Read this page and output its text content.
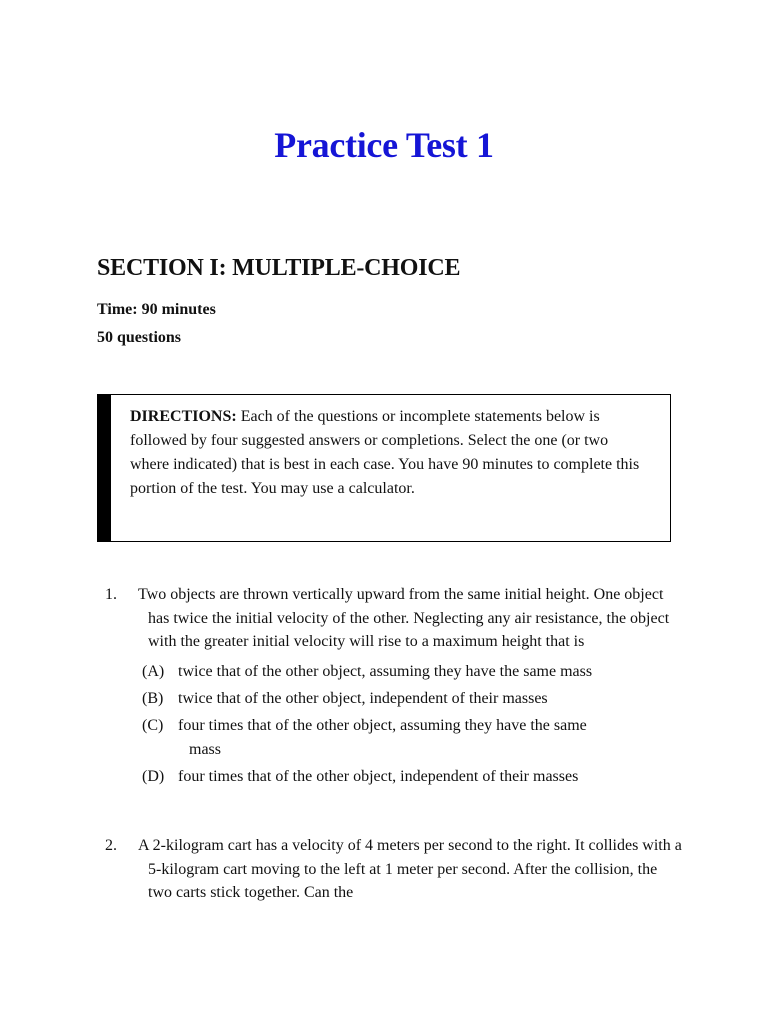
Practice Test 1
SECTION I: MULTIPLE-CHOICE
Time: 90 minutes
50 questions
DIRECTIONS: Each of the questions or incomplete statements below is followed by four suggested answers or completions. Select the one (or two where indicated) that is best in each case. You have 90 minutes to complete this portion of the test. You may use a calculator.

1. Two objects are thrown vertically upward from the same initial height. One object has twice the initial velocity of the other. Neglecting any air resistance, the object with the greater initial velocity will rise to a maximum height that is

(A) twice that of the other object, assuming they have the same mass
(B) twice that of the other object, independent of their masses
(C) four times that of the other object, assuming they have the same
mass
(D) four times that of the other object, independent of their masses

2. A 2-kilogram cart has a velocity of 4 meters per second to the right. It collides with a 5-kilogram cart moving to the left at 1 meter per second. After the collision, the two carts stick together. Can the
